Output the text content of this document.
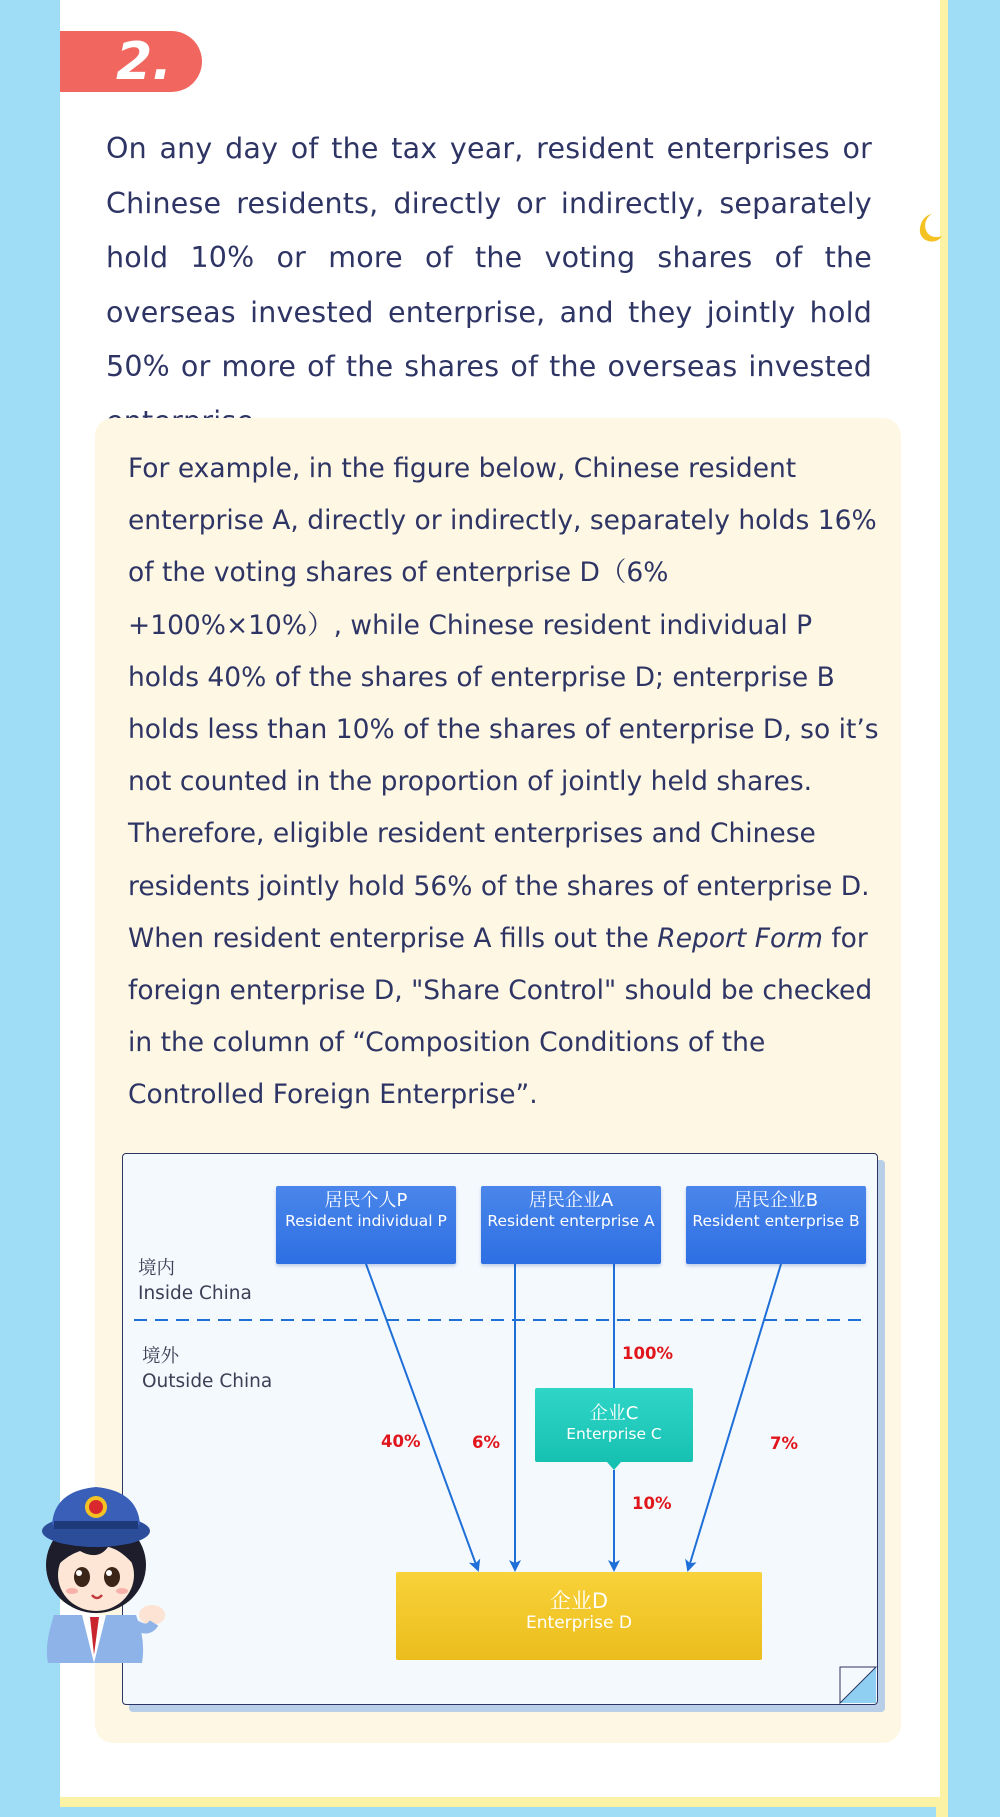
2.

On any day of the tax year, resident enterprises or Chinese residents, directly or indirectly, separately hold 10% or more of the voting shares of the overseas invested enterprise, and they jointly hold 50% or more of the shares of the overseas invested

For example, in the figure below, Chinese resident enterprise A, directly or indirectly, separately holds 16% of the voting shares of enterprise D（6% +100%×10%）, while Chinese resident individual P holds 40% of the shares of enterprise D; enterprise B holds less than 10% of the shares of enterprise D, so it’s not counted in the proportion of jointly held shares. Therefore, eligible resident enterprises and Chinese residents jointly hold 56% of the shares of enterprise D. When resident enterprise A fills out the Report Form for foreign enterprise D, "Share Control" should be checked in the column of “Composition Conditions of the Controlled Foreign Enterprise”.

境内
Inside China
境外
Outside China
居民个人P
Resident individual P
居民企业A
Resident enterprise A
居民企业B
Resident enterprise B
企业C
Enterprise C
企业D
Enterprise D
40%	6%
100%
10%
7%
